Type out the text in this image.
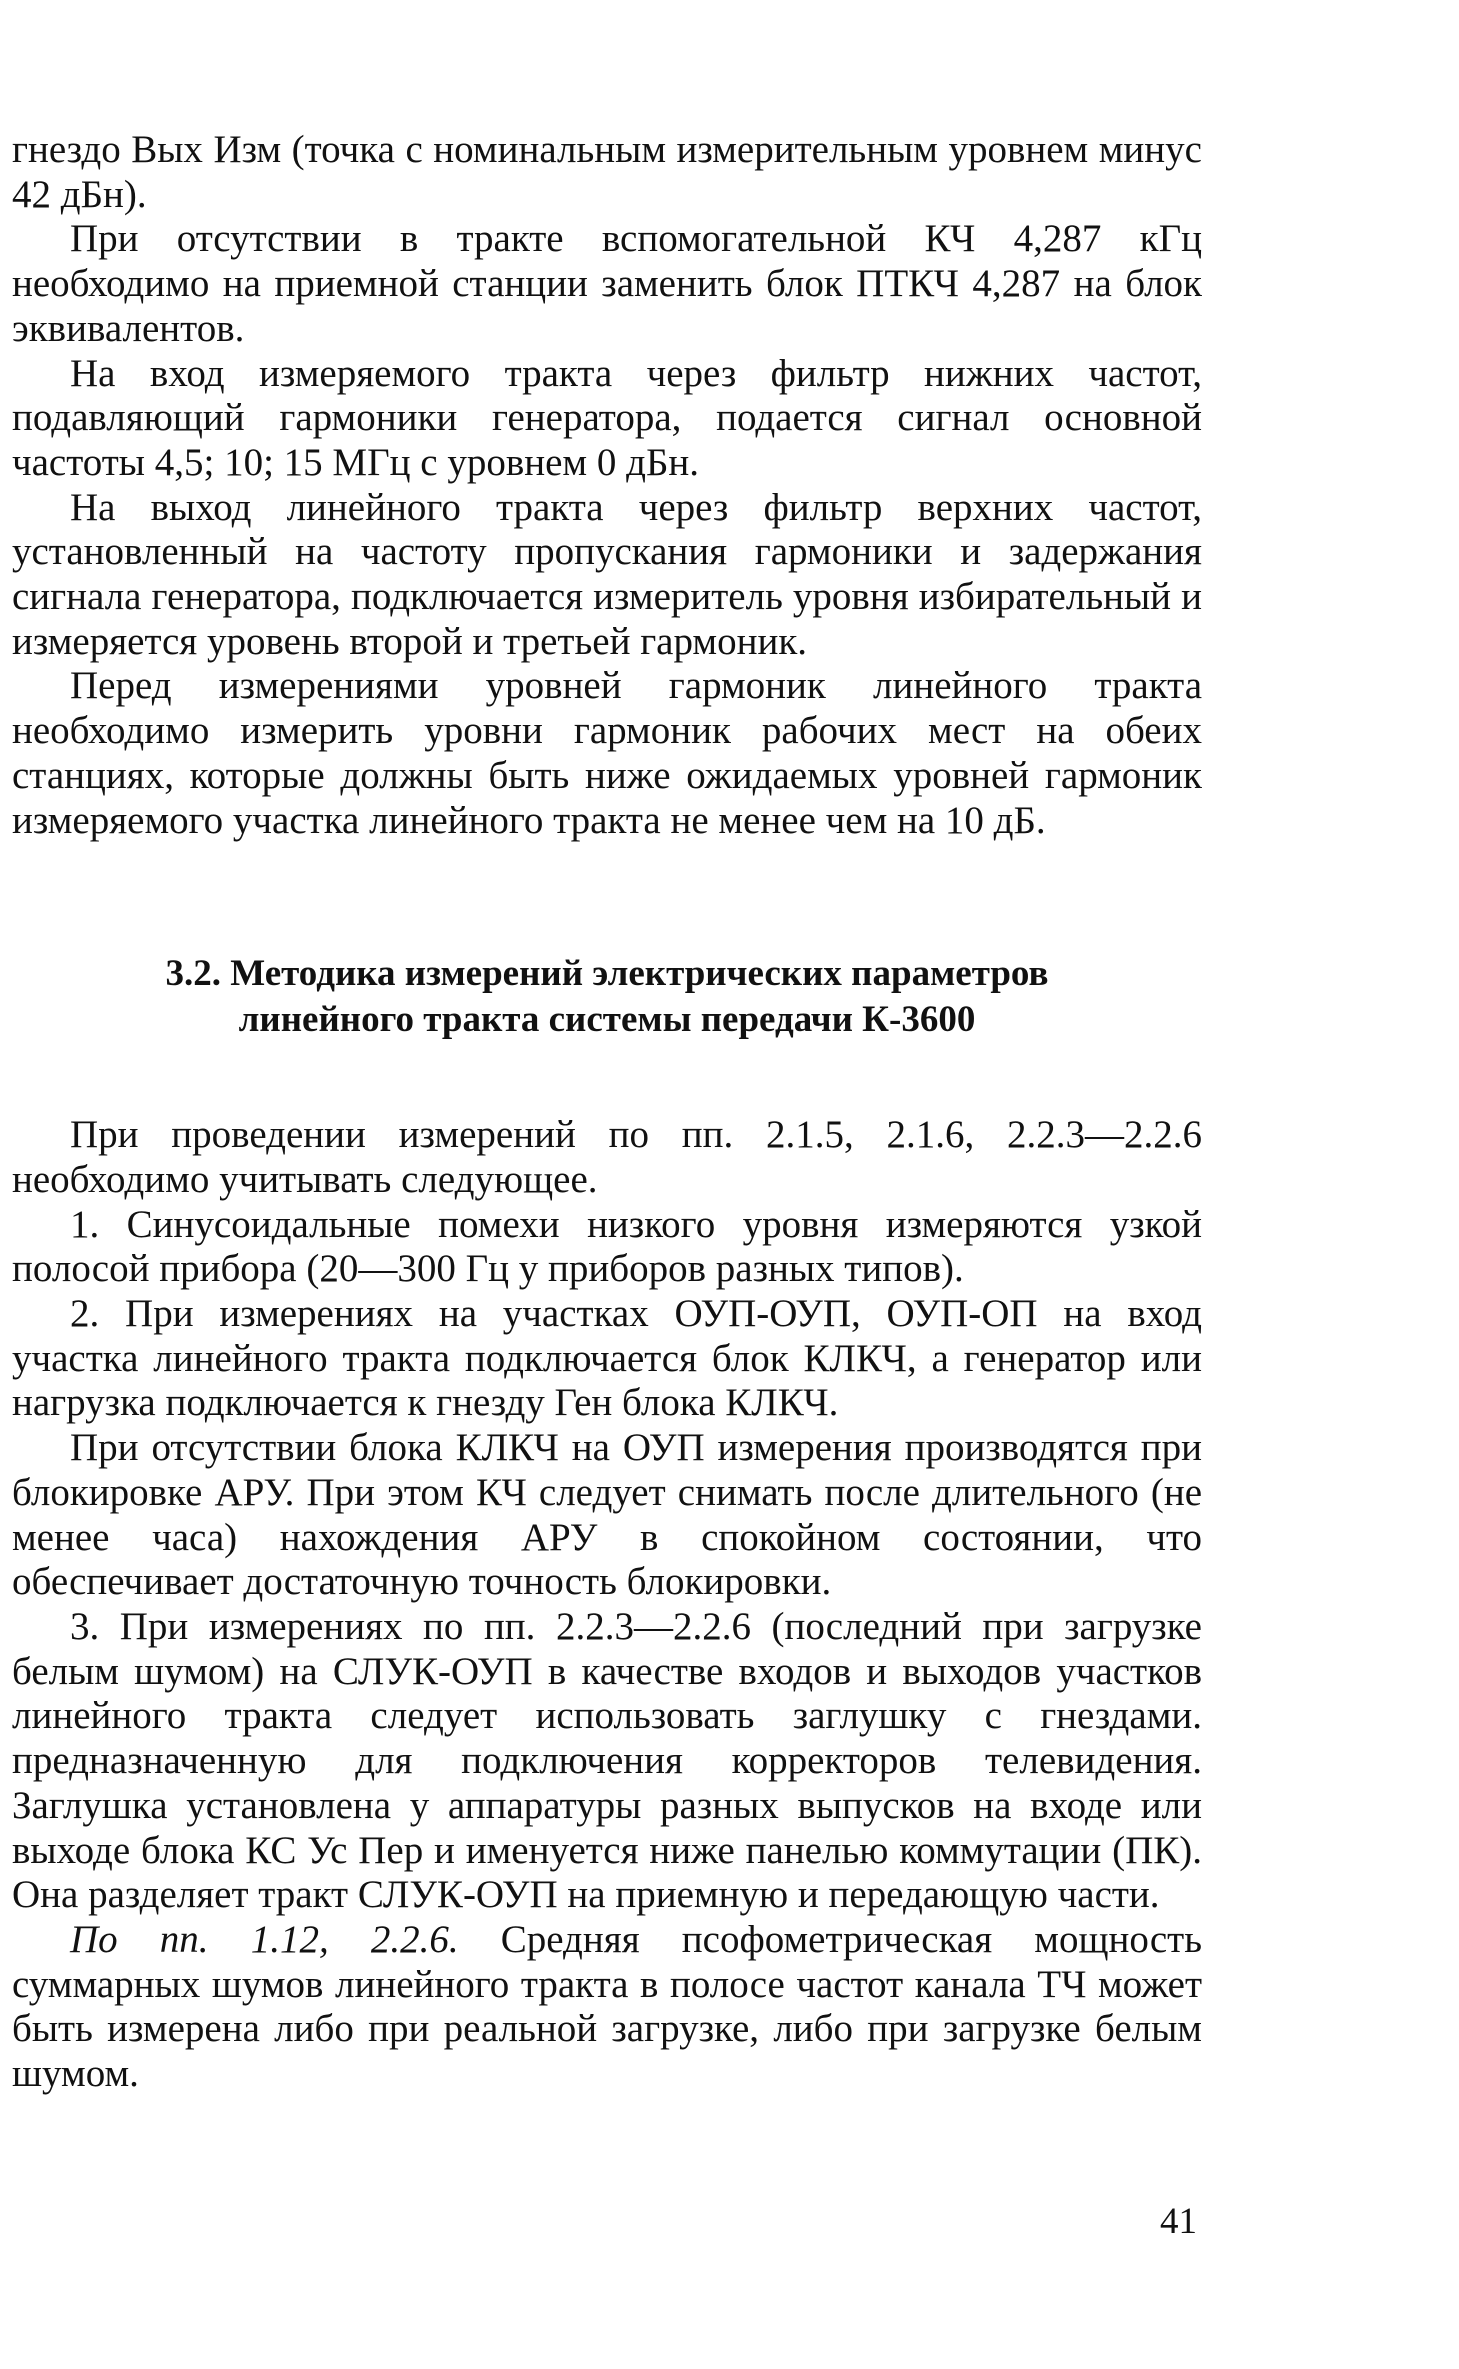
гнездо Вых Изм (точка с номинальным измерительным уровнем минус 42 дБн).

При отсутствии в тракте вспомогательной КЧ 4,287 кГц необходимо на приемной станции заменить блок ПТКЧ 4,287 на блок эквивалентов.

На вход измеряемого тракта через фильтр нижних частот, подавляющий гармоники генератора, подается сигнал основной частоты 4,5; 10; 15 МГц с уровнем 0 дБн.

На выход линейного тракта через фильтр верхних частот, установленный на частоту пропускания гармоники и задержания сигнала генератора, подключается измеритель уровня избирательный и измеряется уровень второй и третьей гармоник.

Перед измерениями уровней гармоник линейного тракта необходимо измерить уровни гармоник рабочих мест на обеих станциях, которые должны быть ниже ожидаемых уровней гармоник измеряемого участка линейного тракта не менее чем на 10 дБ.

3.2. Методика измерений электрических параметров
линейного тракта системы передачи К-3600

При проведении измерений по пп. 2.1.5, 2.1.6, 2.2.3—2.2.6 необходимо учитывать следующее.

1. Синусоидальные помехи низкого уровня измеряются узкой полосой прибора (20—300 Гц у приборов разных типов).

2. При измерениях на участках ОУП-ОУП, ОУП-ОП на вход участка линейного тракта подключается блок КЛКЧ, а генератор или нагрузка подключается к гнезду Ген блока КЛКЧ.

При отсутствии блока КЛКЧ на ОУП измерения производятся при блокировке АРУ. При этом КЧ следует снимать после длительного (не менее часа) нахождения АРУ в спокойном состоянии, что обеспечивает достаточную точность блокировки.

3. При измерениях по пп. 2.2.3—2.2.6 (последний при загрузке белым шумом) на СЛУК-ОУП в качестве входов и выходов участков линейного тракта следует использовать заглушку с гнездами. предназначенную для подключения корректоров телевидения. Заглушка установлена у аппаратуры разных выпусков на входе или выходе блока КС Ус Пер и именуется ниже панелью коммутации (ПК). Она разделяет тракт СЛУК-ОУП на приемную и передающую части.

По пп. 1.12, 2.2.6. Средняя псофометрическая мощность суммарных шумов линейного тракта в полосе частот канала ТЧ может быть измерена либо при реальной загрузке, либо при загрузке белым шумом.

41
